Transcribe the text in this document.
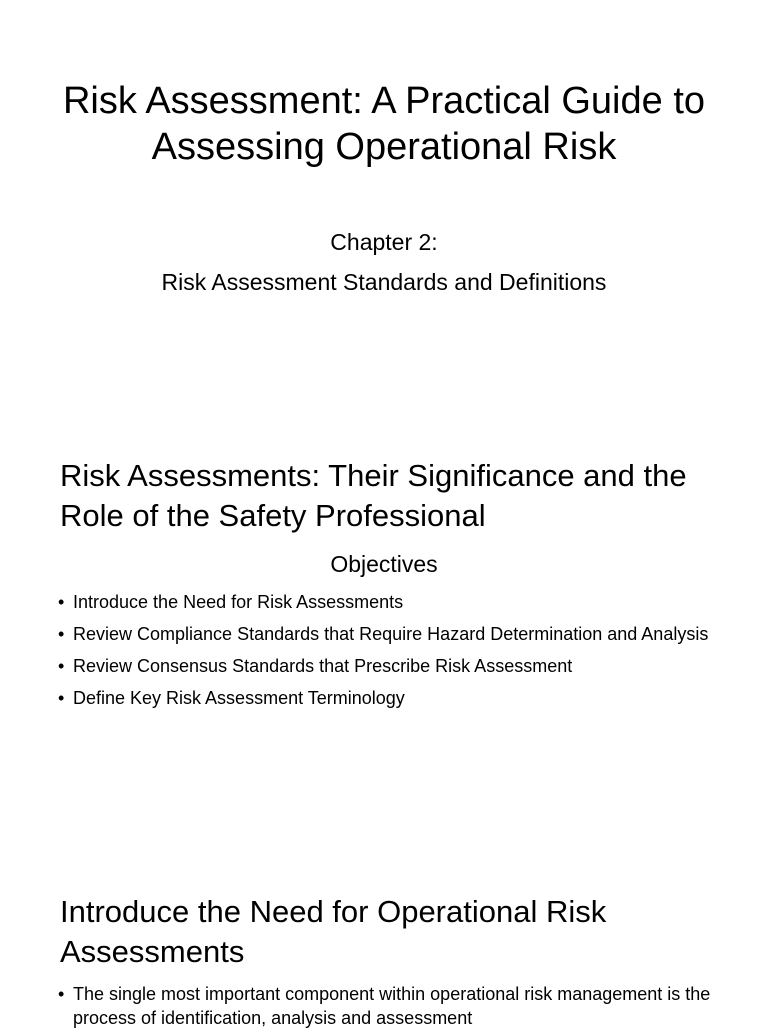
Risk Assessment: A Practical Guide to Assessing Operational Risk

Chapter 2:

Risk Assessment Standards and Definitions

Risk Assessments: Their Significance and the Role of the Safety Professional
Objectives
• Introduce the Need for Risk Assessments
• Review Compliance Standards that Require Hazard Determination and Analysis
• Review Consensus Standards that Prescribe Risk Assessment
• Define Key Risk Assessment Terminology
Introduce the Need for Operational Risk Assessments
• The single most important component within operational risk management is the process of identification, analysis and assessment
